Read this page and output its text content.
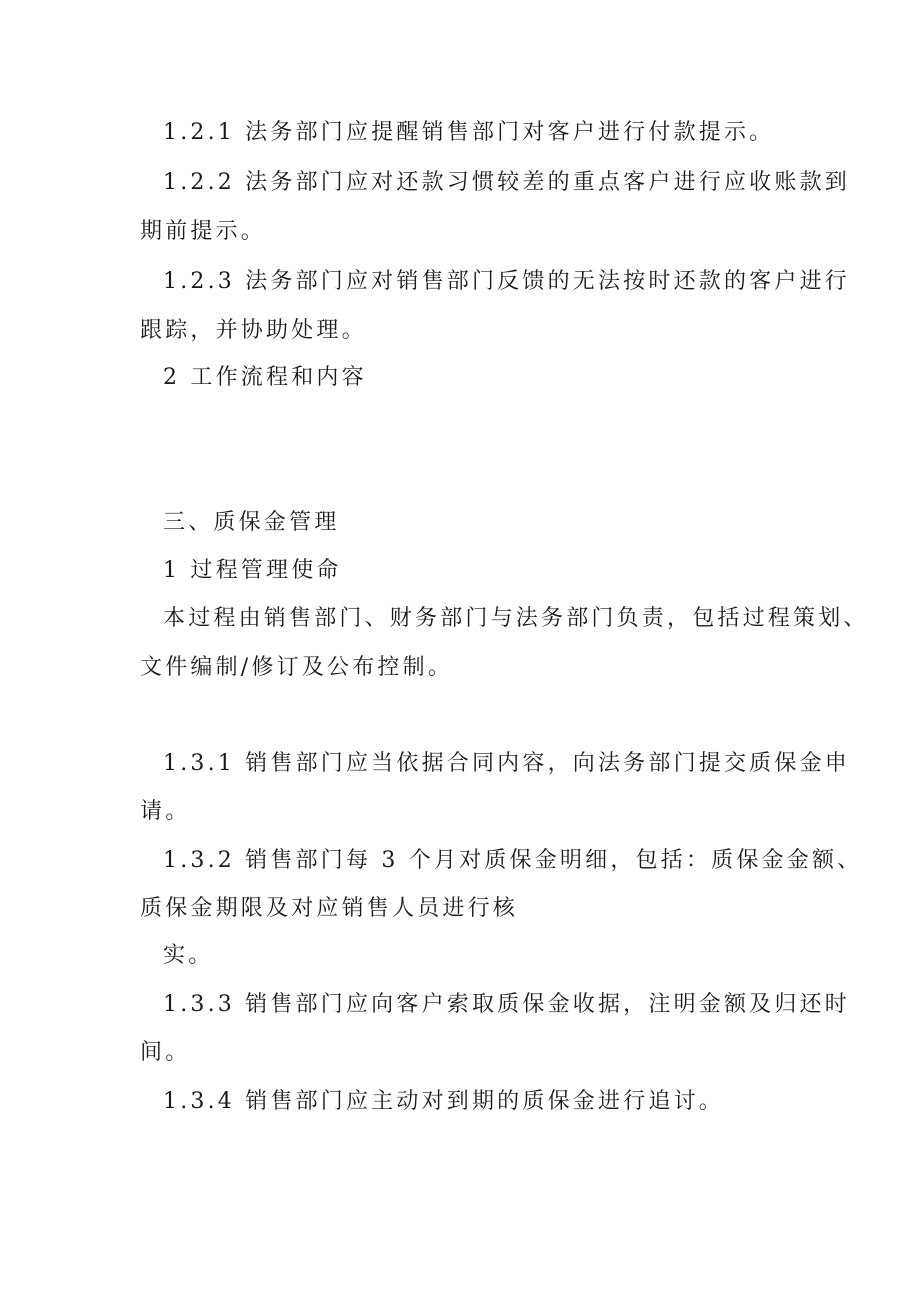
1.2.1 法务部门应提醒销售部门对客户进行付款提示。
1.2.2 法务部门应对还款习惯较差的重点客户进行应收账款到
期前提示。
1.2.3 法务部门应对销售部门反馈的无法按时还款的客户进行
跟踪，并协助处理。
2 工作流程和内容
三、质保金管理
1 过程管理使命
本过程由销售部门、财务部门与法务部门负责，包括过程策划、
文件编制/修订及公布控制。
1.3.1 销售部门应当依据合同内容，向法务部门提交质保金申
请。
1.3.2 销售部门每 3 个月对质保金明细，包括：质保金金额、
质保金期限及对应销售人员进行核
实。
1.3.3 销售部门应向客户索取质保金收据，注明金额及归还时
间。
1.3.4 销售部门应主动对到期的质保金进行追讨。
